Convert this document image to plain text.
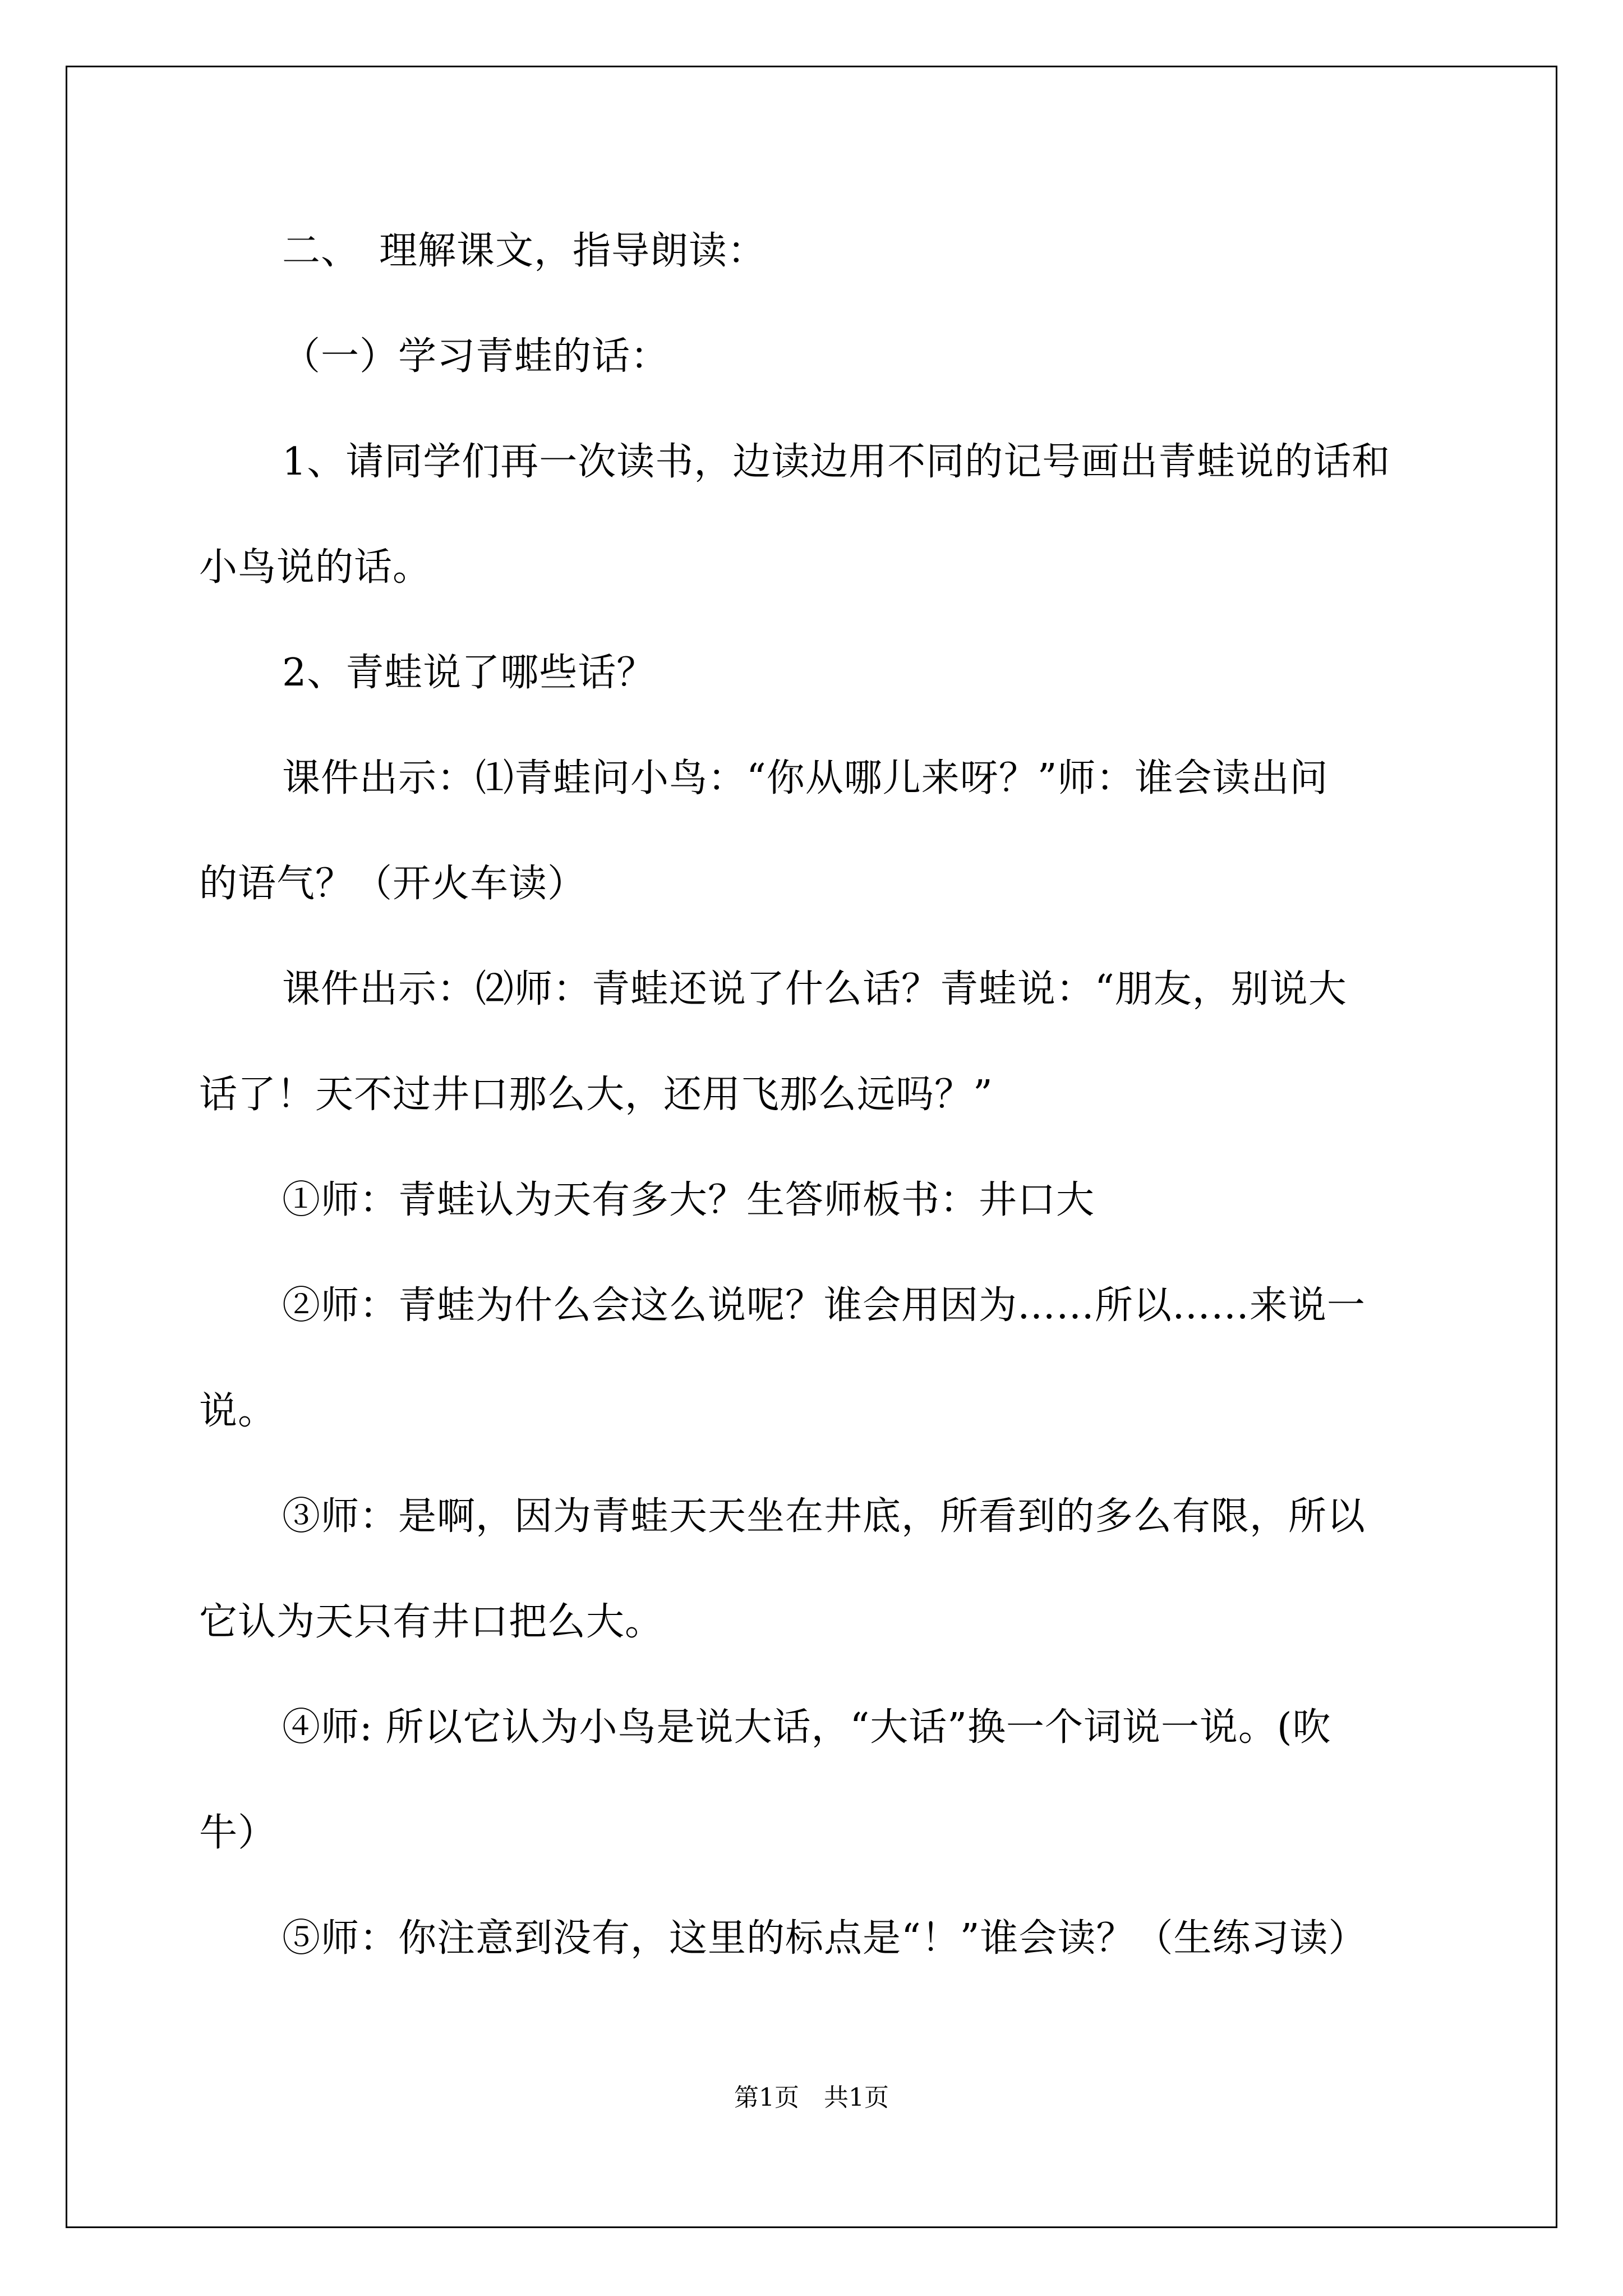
二、　理解课文，指导朗读：
（一）学习青蛙的话：
1、请同学们再一次读书，边读边用不同的记号画出青蛙说的话和
小鸟说的话。
2、青蛙说了哪些话？
课件出示：⑴青蛙问小鸟：“你从哪儿来呀？”师：谁会读出问
的语气？（开火车读）
课件出示：⑵师：青蛙还说了什么话？青蛙说：“朋友，别说大
话了！天不过井口那么大，还用飞那么远吗？”
①师：青蛙认为天有多大？生答师板书：井口大
②师：青蛙为什么会这么说呢？谁会用因为……所以……来说一
说。
③师：是啊，因为青蛙天天坐在井底，所看到的多么有限，所以
它认为天只有井口把么大。
④师: 所以它认为小鸟是说大话，“大话”换一个词说一说。(吹
牛）
⑤师：你注意到没有，这里的标点是“！”谁会读？（生练习读）
第1页　共1页
